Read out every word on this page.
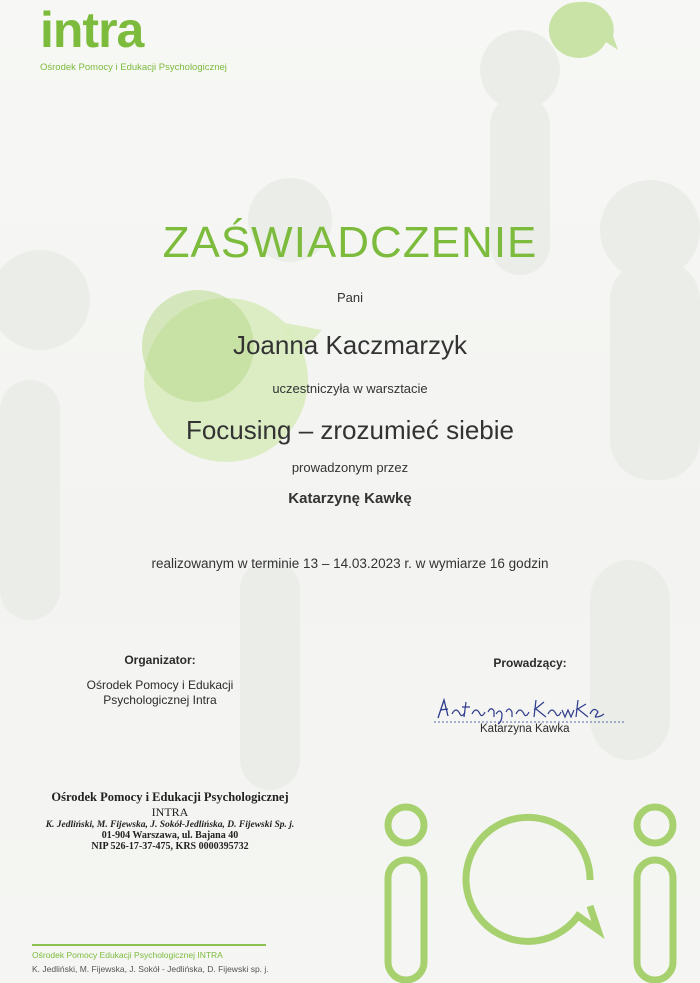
intra
Ośrodek Pomocy i Edukacji Psychologicznej
ZAŚWIADCZENIE
Pani
Joanna Kaczmarzyk
uczestniczyła w warsztacie
Focusing – zrozumieć siebie
prowadzonym przez
Katarzynę Kawkę
realizowanym w terminie 13 – 14.03.2023 r. w wymiarze 16 godzin
Organizator:
Ośrodek Pomocy i Edukacji
Psychologicznej Intra
Prowadzący:
Katarzyna Kawka
Ośrodek Pomocy i Edukacji Psychologicznej
INTRA
K. Jedliński, M. Fijewska, J. Sokół-Jedlińska, D. Fijewski Sp. j.
01-904 Warszawa, ul. Bajana 40
NIP 526-17-37-475, KRS 0000395732
Ośrodek Pomocy Edukacji Psychologicznej INTRA
K. Jedliński, M. Fijewska, J. Sokół - Jedlińska, D. Fijewski sp. j.
